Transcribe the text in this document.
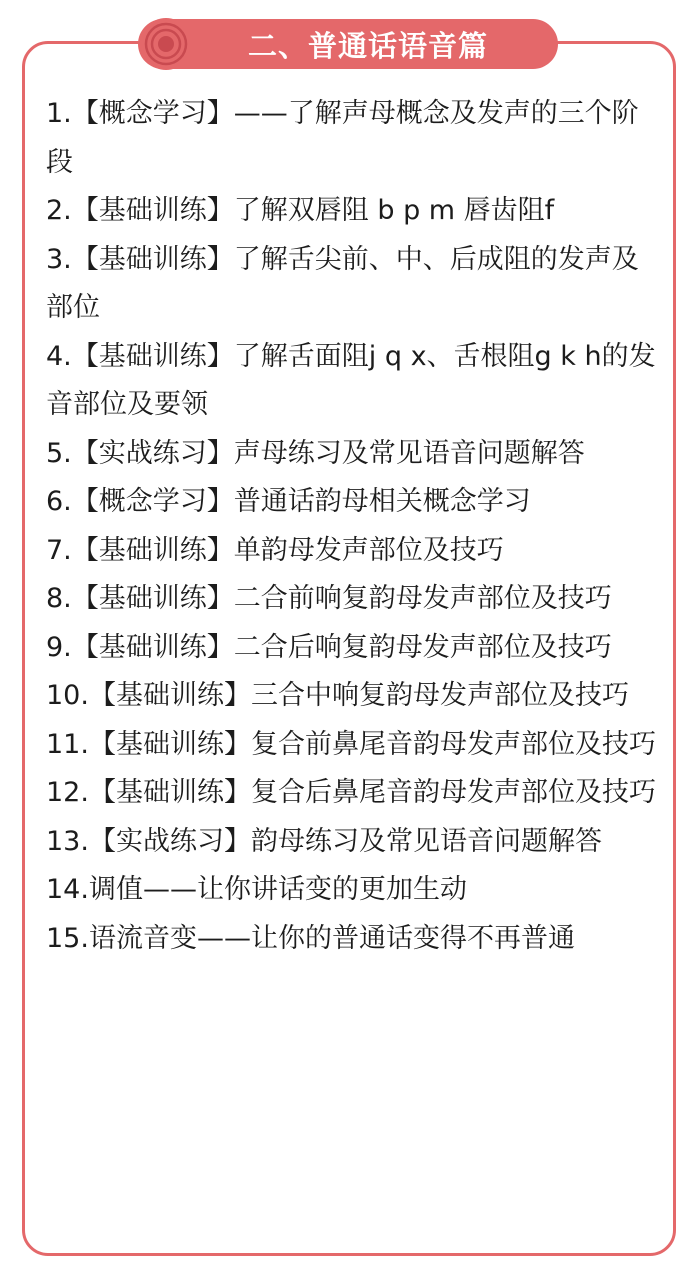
二、普通话语音篇
1.【概念学习】——了解声母概念及发声的三个阶段
2.【基础训练】了解双唇阻 b p m 唇齿阻f
3.【基础训练】了解舌尖前、中、后成阻的发声及部位
4.【基础训练】了解舌面阻j q x、舌根阻g k h的发音部位及要领
5.【实战练习】声母练习及常见语音问题解答
6.【概念学习】普通话韵母相关概念学习
7.【基础训练】单韵母发声部位及技巧
8.【基础训练】二合前响复韵母发声部位及技巧
9.【基础训练】二合后响复韵母发声部位及技巧
10.【基础训练】三合中响复韵母发声部位及技巧
11.【基础训练】复合前鼻尾音韵母发声部位及技巧
12.【基础训练】复合后鼻尾音韵母发声部位及技巧
13.【实战练习】韵母练习及常见语音问题解答
14.调值——让你讲话变的更加生动
15.语流音变——让你的普通话变得不再普通
